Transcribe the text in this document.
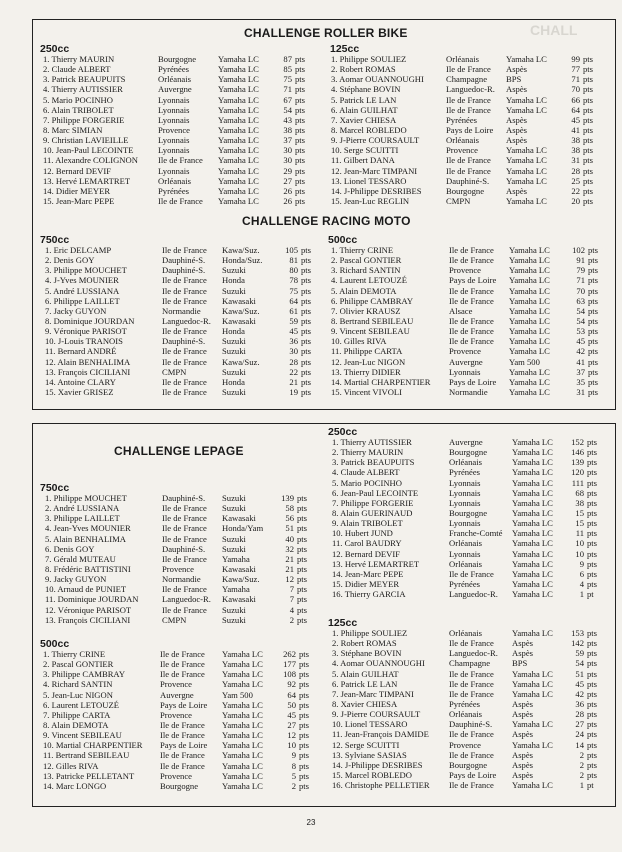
CHALL
CHALLENGE ROLLER BIKE
250cc
1. Thierry MAURIN	Bourgogne	Yamaha LC	87 pts
2. Claude ALBERT	Pyrénées	Yamaha LC	85 pts
3. Patrick BEAUPUITS	Orléanais	Yamaha LC	75 pts
4. Thierry AUTISSIER	Auvergne	Yamaha LC	71 pts
5. Mario POCINHO	Lyonnais	Yamaha LC	67 pts
6. Alain TRIBOLET	Lyonnais	Yamaha LC	54 pts
7. Philippe FORGERIE	Lyonnais	Yamaha LC	43 pts
8. Marc SIMIAN	Provence	Yamaha LC	38 pts
9. Christian LAVIEILLE	Lyonnais	Yamaha LC	37 pts
10. Jean-Paul LECOINTE	Lyonnais	Yamaha LC	30 pts
11. Alexandre COLIGNON	Ile de France	Yamaha LC	30 pts
12. Bernard DEVIF	Lyonnais	Yamaha LC	29 pts
13. Hervé LEMARTRET	Orléanais	Yamaha LC	27 pts
14. Didier MEYER	Pyrénées	Yamaha LC	26 pts
15. Jean-Marc PEPE	Ile de France	Yamaha LC	26 pts
125cc
1. Philippe SOULIEZ	Orléanais	Yamaha LC	99 pts
2. Robert ROMAS	Ile de France	Aspès	77 pts
3. Aomar OUANNOUGHI	Champagne	BPS	71 pts
4. Stéphane BOVIN	Languedoc-R.	Aspès	70 pts
5. Patrick LE LAN	Ile de France	Yamaha LC	66 pts
6. Alain GUILHAT	Ile de France	Yamaha LC	64 pts
7. Xavier CHIESA	Pyrénées	Aspès	45 pts
8. Marcel ROBLEDO	Pays de Loire	Aspès	41 pts
9. J-Pierre COURSAULT	Orléanais	Aspès	38 pts
10. Serge SCUITTI	Provence	Yamaha LC	38 pts
11. Gilbert DANA	Ile de France	Yamaha LC	31 pts
12. Jean-Marc TIMPANI	Ile de France	Yamaha LC	28 pts
13. Lionel TESSARO	Dauphiné-S.	Yamaha LC	25 pts
14. J-Philippe DESRIBES	Bourgogne	Aspès	22 pts
15. Jean-Luc REGLIN	CMPN	Yamaha LC	20 pts
CHALLENGE RACING MOTO
750cc
1. Eric DELCAMP	Ile de France	Kawa/Suz.	105 pts
2. Denis GOY	Dauphiné-S.	Honda/Suz.	81 pts
3. Philippe MOUCHET	Dauphiné-S.	Suzuki	80 pts
4. J-Yves MOUNIER	Ile de France	Honda	78 pts
5. André LUSSIANA	Ile de France	Suzuki	75 pts
6. Philippe LAILLET	Ile de France	Kawasaki	64 pts
7. Jacky GUYON	Normandie	Kawa/Suz.	61 pts
8. Dominique JOURDAN	Languedoc-R.	Kawasaki	59 pts
9. Véronique PARISOT	Ile de France	Honda	45 pts
10. J-Louis TRANOIS	Dauphiné-S.	Suzuki	36 pts
11. Bernard ANDRÉ	Ile de France	Suzuki	30 pts
12. Alain BENHALIMA	Ile de France	Kawa/Suz.	28 pts
13. François CICILIANI	CMPN	Suzuki	22 pts
14. Antoine CLARY	Ile de France	Honda	21 pts
15. Xavier GRISEZ	Ile de France	Suzuki	19 pts
500cc
1. Thierry CRINE	Ile de France	Yamaha LC	102 pts
2. Pascal GONTIER	Ile de France	Yamaha LC	91 pts
3. Richard SANTIN	Provence	Yamaha LC	79 pts
4. Laurent LETOUZÉ	Pays de Loire	Yamaha LC	71 pts
5. Alain DEMOTA	Ile de France	Yamaha LC	70 pts
6. Philippe CAMBRAY	Ile de France	Yamaha LC	63 pts
7. Olivier KRAUSZ	Alsace	Yamaha LC	54 pts
8. Bertrand SEBILEAU	Ile de France	Yamaha LC	54 pts
9. Vincent SEBILEAU	Ile de France	Yamaha LC	53 pts
10. Gilles RIVA	Ile de France	Yamaha LC	45 pts
11. Philippe CARTA	Provence	Yamaha LC	42 pts
12. Jean-Luc NIGON	Auvergne	Yam 500	41 pts
13. Thierry DIDIER	Lyonnais	Yamaha LC	37 pts
14. Martial CHARPENTIER	Pays de Loire	Yamaha LC	35 pts
15. Vincent VIVOLI	Normandie	Yamaha LC	31 pts
CHALLENGE LEPAGE
750cc
1. Philippe MOUCHET	Dauphiné-S.	Suzuki	139 pts
2. André LUSSIANA	Ile de France	Suzuki	58 pts
3. Philippe LAILLET	Ile de France	Kawasaki	56 pts
4. Jean-Yves MOUNIER	Ile de France	Honda/Yam	51 pts
5. Alain BENHALIMA	Ile de France	Suzuki	40 pts
6. Denis GOY	Dauphiné-S.	Suzuki	32 pts
7. Gérald MUTEAU	Ile de France	Yamaha	21 pts
8. Frédéric BATTISTINI	Provence	Kawasaki	21 pts
9. Jacky GUYON	Normandie	Kawa/Suz.	12 pts
10. Arnaud de PUNIET	Ile de France	Yamaha	7 pts
11. Dominique JOURDAN	Languedoc-R.	Kawasaki	7 pts
12. Véronique PARISOT	Ile de France	Suzuki	4 pts
13. François CICILIANI	CMPN	Suzuki	2 pts
500cc
1. Thierry CRINE	Ile de France	Yamaha LC	262 pts
2. Pascal GONTIER	Ile de France	Yamaha LC	177 pts
3. Philippe CAMBRAY	Ile de France	Yamaha LC	108 pts
4. Richard SANTIN	Provence	Yamaha LC	92 pts
5. Jean-Luc NIGON	Auvergne	Yam 500	64 pts
6. Laurent LETOUZÉ	Pays de Loire	Yamaha LC	50 pts
7. Philippe CARTA	Provence	Yamaha LC	45 pts
8. Alain DEMOTA	Ile de France	Yamaha LC	27 pts
9. Vincent SEBILEAU	Ile de France	Yamaha LC	12 pts
10. Martial CHARPENTIER	Pays de Loire	Yamaha LC	10 pts
11. Bertrand SEBILEAU	Ile de France	Yamaha LC	9 pts
12. Gilles RIVA	Ile de France	Yamaha LC	8 pts
13. Patricke PELLETANT	Provence	Yamaha LC	5 pts
14. Marc LONGO	Bourgogne	Yamaha LC	2 pts
250cc
1. Thierry AUTISSIER	Auvergne	Yamaha LC	152 pts
2. Thierry MAURIN	Bourgogne	Yamaha LC	146 pts
3. Patrick BEAUPUITS	Orléanais	Yamaha LC	139 pts
4. Claude ALBERT	Pyrénées	Yamaha LC	120 pts
5. Mario POCINHO	Lyonnais	Yamaha LC	111 pts
6. Jean-Paul LECOINTE	Lyonnais	Yamaha LC	68 pts
7. Philippe FORGERIE	Lyonnais	Yamaha LC	38 pts
8. Alain GUERINAUD	Bourgogne	Yamaha LC	15 pts
9. Alain TRIBOLET	Lyonnais	Yamaha LC	15 pts
10. Hubert JUND	Franche-Comté	Yamaha LC	11 pts
11. Carol BAUDRY	Orléanais	Yamaha LC	10 pts
12. Bernard DEVIF	Lyonnais	Yamaha LC	10 pts
13. Hervé LEMARTRET	Orléanais	Yamaha LC	9 pts
14. Jean-Marc PEPE	Ile de France	Yamaha LC	6 pts
15. Didier MEYER	Pyrénées	Yamaha LC	4 pts
16. Thierry GARCIA	Languedoc-R.	Yamaha LC	1 pt
125cc
1. Philippe SOULIEZ	Orléanais	Yamaha LC	153 pts
2. Robert ROMAS	Ile de France	Aspès	142 pts
3. Stéphane BOVIN	Languedoc-R.	Aspès	59 pts
4. Aomar OUANNOUGHI	Champagne	BPS	54 pts
5. Alain GUILHAT	Ile de France	Yamaha LC	51 pts
6. Patrick LE LAN	Ile de France	Yamaha LC	45 pts
7. Jean-Marc TIMPANI	Ile de France	Yamaha LC	42 pts
8. Xavier CHIESA	Pyrénées	Aspès	36 pts
9. J-Pierre COURSAULT	Orléanais	Aspès	28 pts
10. Lionel TESSARO	Dauphiné-S.	Yamaha LC	27 pts
11. Jean-François DAMIDE	Ile de France	Aspès	24 pts
12. Serge SCUITTI	Provence	Yamaha LC	14 pts
13. Sylviane SASIAS	Ile de France	Aspès	2 pts
14. J-Philippe DESRIBES	Bourgogne	Aspès	2 pts
15. Marcel ROBLEDO	Pays de Loire	Aspès	2 pts
16. Christophe PELLETIER	Ile de France	Yamaha LC	1 pt
23
